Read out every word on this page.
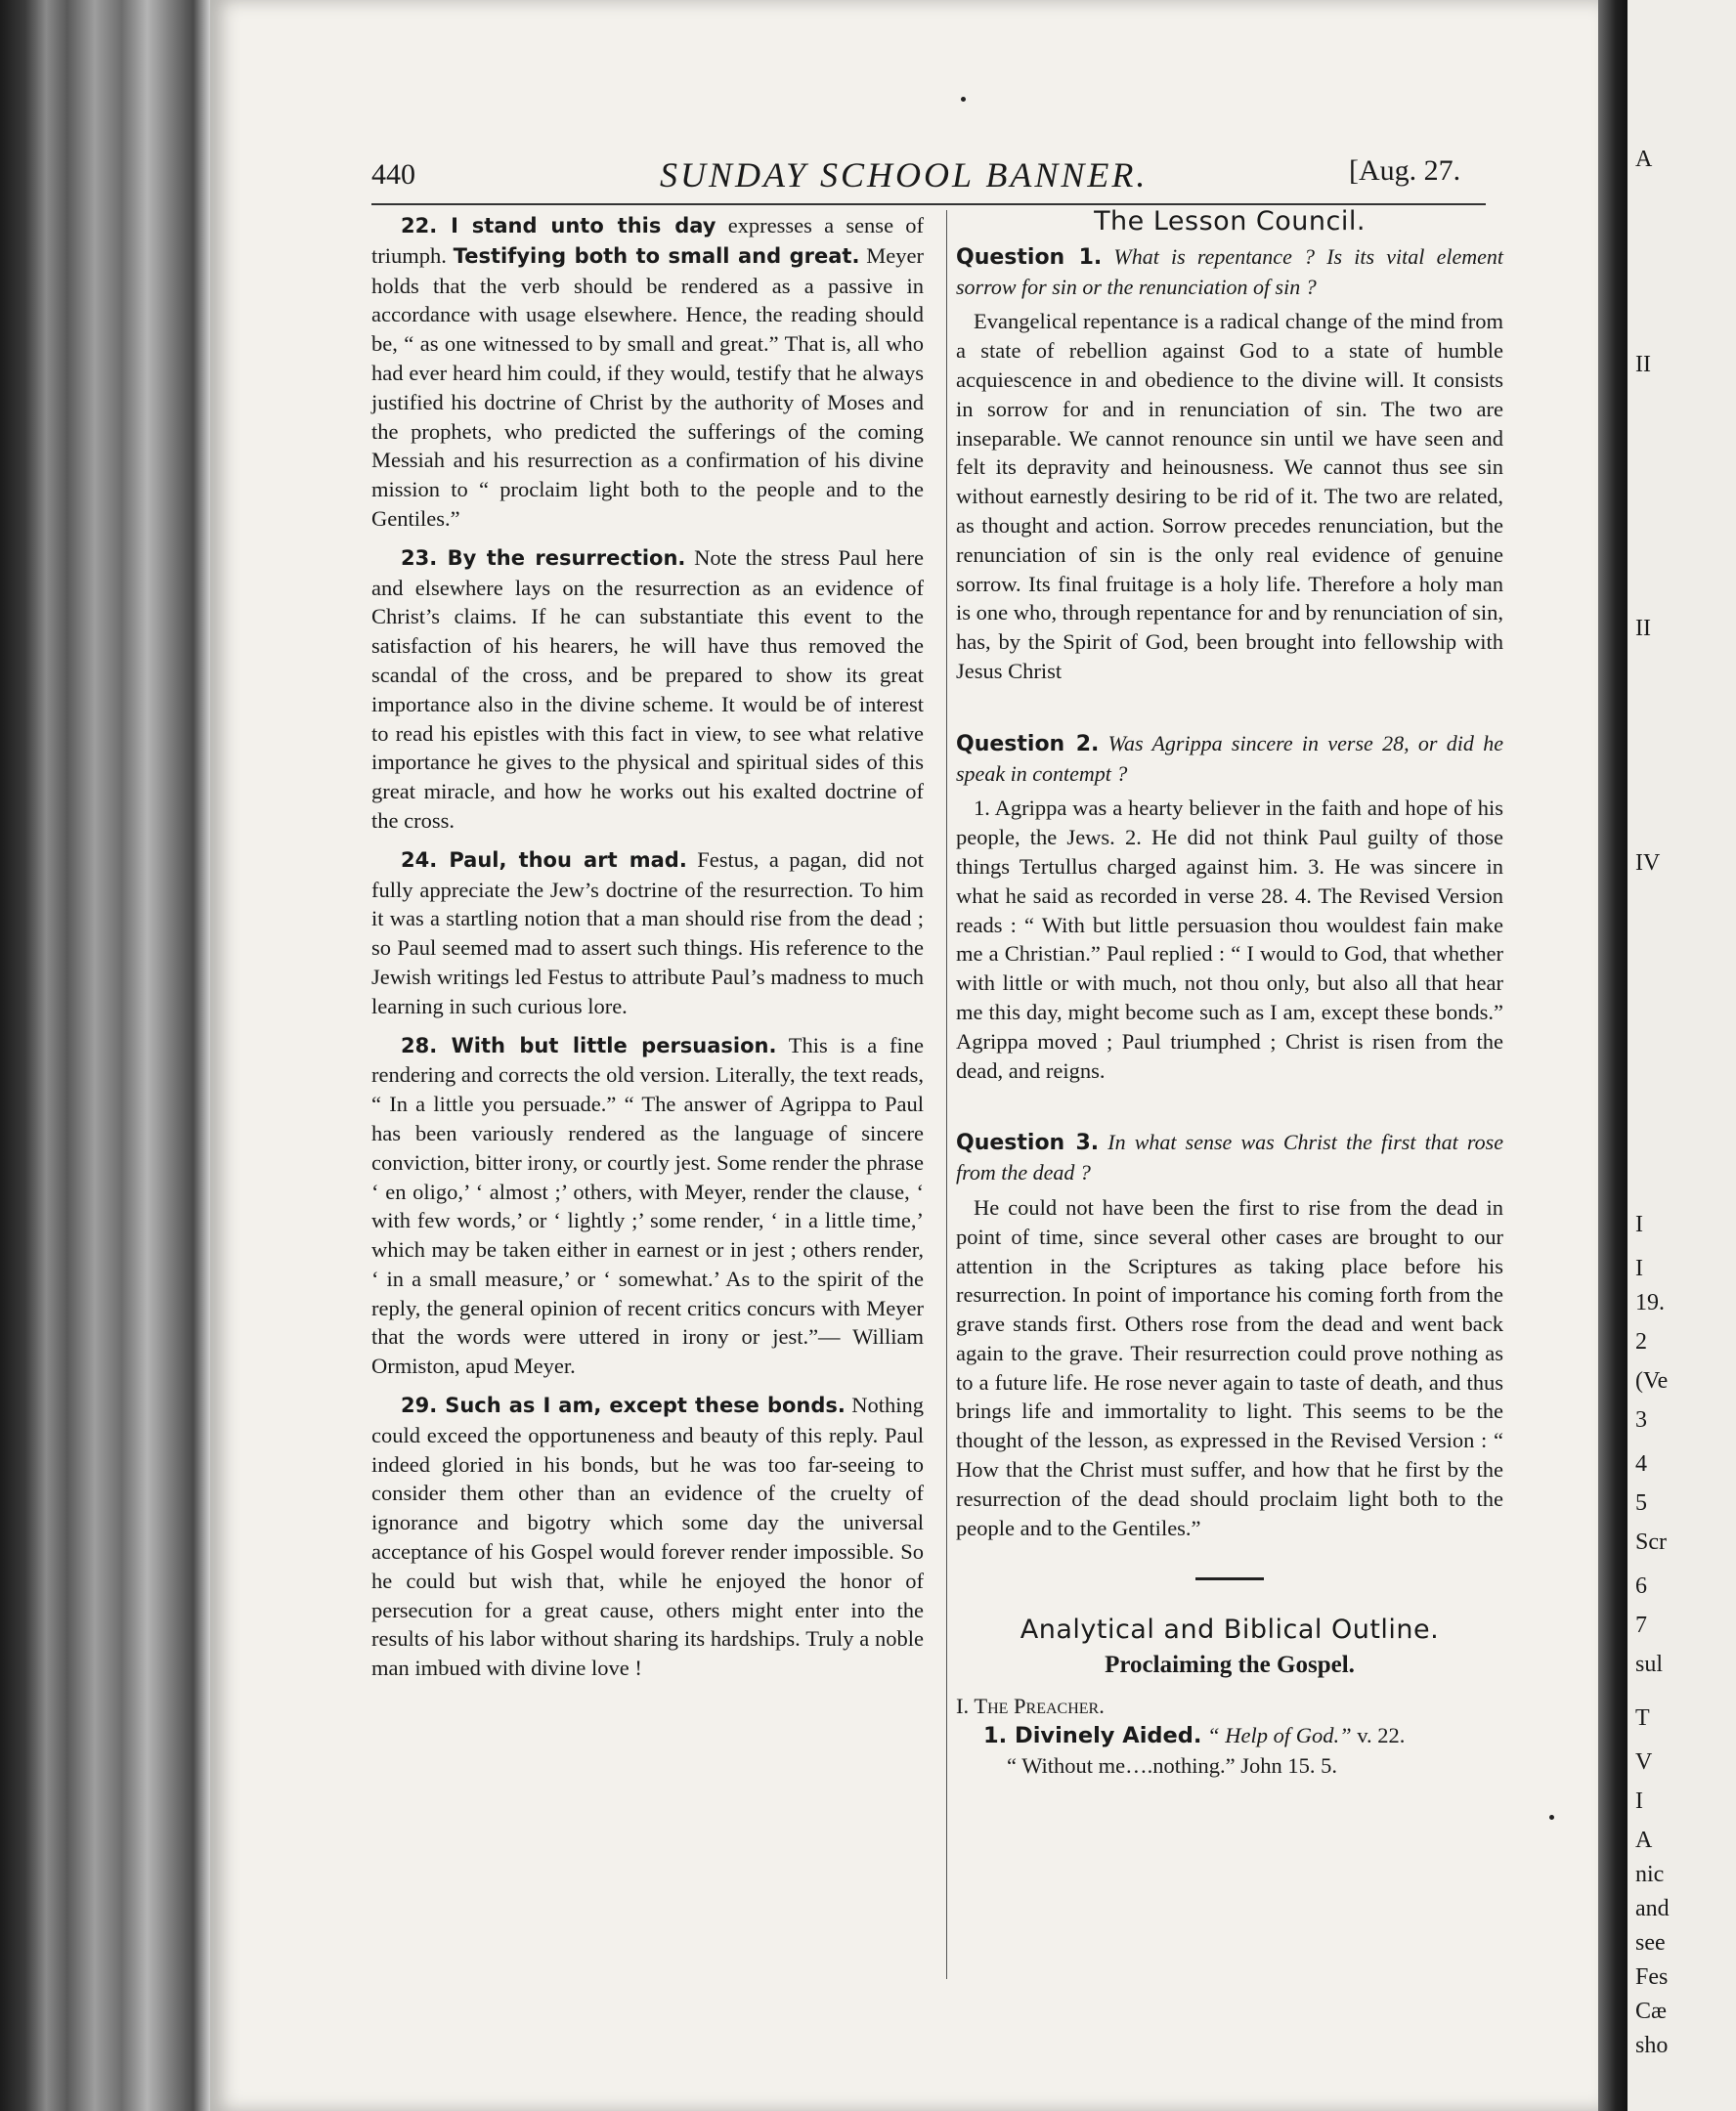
440	SUNDAY SCHOOL BANNER.	[Aug. 27.

22. I stand unto this day expresses a sense of triumph. Testifying both to small and great. Meyer holds that the verb should be rendered as a passive in accordance with usage elsewhere. Hence, the reading should be, “ as one witnessed to by small and great.” That is, all who had ever heard him could, if they would, testify that he always justified his doctrine of Christ by the authority of Moses and the prophets, who predicted the sufferings of the coming Messiah and his resurrection as a confirmation of his divine mission to “ proclaim light both to the people and to the Gentiles.”

23. By the resurrection. Note the stress Paul here and elsewhere lays on the resurrection as an evidence of Christ’s claims. If he can substantiate this event to the satisfaction of his hearers, he will have thus removed the scandal of the cross, and be prepared to show its great importance also in the divine scheme. It would be of interest to read his epistles with this fact in view, to see what relative importance he gives to the physical and spiritual sides of this great miracle, and how he works out his exalted doctrine of the cross.

24. Paul, thou art mad. Festus, a pagan, did not fully appreciate the Jew’s doctrine of the resurrection. To him it was a startling notion that a man should rise from the dead ; so Paul seemed mad to assert such things. His reference to the Jewish writings led Festus to attribute Paul’s madness to much learning in such curious lore.

28. With but little persuasion. This is a fine rendering and corrects the old version. Literally, the text reads, “ In a little you persuade.” “ The answer of Agrippa to Paul has been variously rendered as the language of sincere conviction, bitter irony, or courtly jest. Some render the phrase ‘ en oligo,’ ‘ almost ;’ others, with Meyer, render the clause, ‘ with few words,’ or ‘ lightly ;’ some render, ‘ in a little time,’ which may be taken either in earnest or in jest ; others render, ‘ in a small measure,’ or ‘ somewhat.’ As to the spirit of the reply, the general opinion of recent critics concurs with Meyer that the words were uttered in irony or jest.”— William Ormiston, apud Meyer.

29. Such as I am, except these bonds. Nothing could exceed the opportuneness and beauty of this reply. Paul indeed gloried in his bonds, but he was too far-seeing to consider them other than an evidence of the cruelty of ignorance and bigotry which some day the universal acceptance of his Gospel would forever render impossible. So he could but wish that, while he enjoyed the honor of persecution for a great cause, others might enter into the results of his labor without sharing its hardships. Truly a noble man imbued with divine love !

The Lesson Council.

Question 1. What is repentance ? Is its vital element sorrow for sin or the renunciation of sin ?

Evangelical repentance is a radical change of the mind from a state of rebellion against God to a state of humble acquiescence in and obedience to the divine will. It consists in sorrow for and in renunciation of sin. The two are inseparable. We cannot renounce sin until we have seen and felt its depravity and heinousness. We cannot thus see sin without earnestly desiring to be rid of it. The two are related, as thought and action. Sorrow precedes renunciation, but the renunciation of sin is the only real evidence of genuine sorrow. Its final fruitage is a holy life. Therefore a holy man is one who, through repentance for and by renunciation of sin, has, by the Spirit of God, been brought into fellowship with Jesus Christ

Question 2. Was Agrippa sincere in verse 28, or did he speak in contempt ?

1. Agrippa was a hearty believer in the faith and hope of his people, the Jews. 2. He did not think Paul guilty of those things Tertullus charged against him. 3. He was sincere in what he said as recorded in verse 28. 4. The Revised Version reads : “ With but little persuasion thou wouldest fain make me a Christian.” Paul replied : “ I would to God, that whether with little or with much, not thou only, but also all that hear me this day, might become such as I am, except these bonds.” Agrippa moved ; Paul triumphed ; Christ is risen from the dead, and reigns.

Question 3. In what sense was Christ the first that rose from the dead ?

He could not have been the first to rise from the dead in point of time, since several other cases are brought to our attention in the Scriptures as taking place before his resurrection. In point of importance his coming forth from the grave stands first. Others rose from the dead and went back again to the grave. Their resurrection could prove nothing as to a future life. He rose never again to taste of death, and thus brings life and immortality to light. This seems to be the thought of the lesson, as expressed in the Revised Version : “ How that the Christ must suffer, and how that he first by the resurrection of the dead should proclaim light both to the people and to the Gentiles.”

Analytical and Biblical Outline.
Proclaiming the Gospel.

I. The Preacher.

1. Divinely Aided. “ Help of God.” v. 22.

“ Without me….nothing.” John 15. 5.

A
II
II
IV
I
I
19.
2
(Ve
3
4
5
Scr
6
7
sul
T
V
I
A
nic
and
see
Fes
Cæ
sho
